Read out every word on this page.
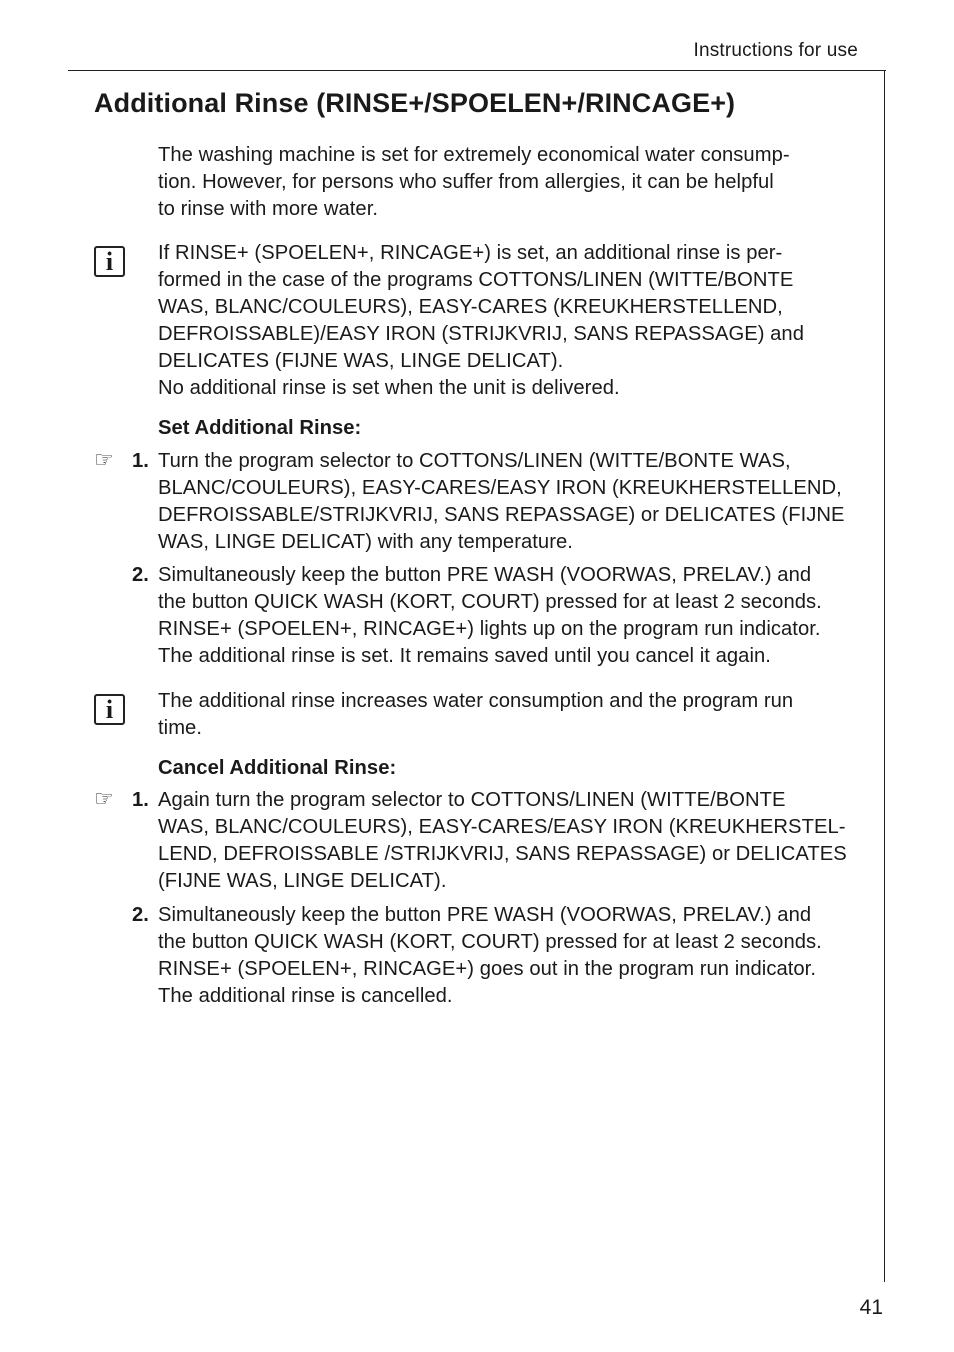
Instructions for use
Additional Rinse (RINSE+/SPOELEN+/RINCAGE+)
The washing machine is set for extremely economical water consump-
tion. However, for persons who suffer from allergies, it can be helpful
to rinse with more water.
i	If RINSE+ (SPOELEN+, RINCAGE+) is set, an additional rinse is per-
formed in the case of the programs COTTONS/LINEN (WITTE/BONTE
WAS, BLANC/COULEURS), EASY-CARES (KREUKHERSTELLEND,
DEFROISSABLE)/EASY IRON (STRIJKVRIJ, SANS REPASSAGE) and
DELICATES (FIJNE WAS, LINGE DELICAT).
No additional rinse is set when the unit is delivered.
Set Additional Rinse:
☞ 1. Turn the program selector to COTTONS/LINEN (WITTE/BONTE WAS,
BLANC/COULEURS), EASY-CARES/EASY IRON (KREUKHERSTELLEND,
DEFROISSABLE/STRIJKVRIJ, SANS REPASSAGE) or DELICATES (FIJNE
WAS, LINGE DELICAT) with any temperature.
2. Simultaneously keep the button PRE WASH (VOORWAS, PRELAV.) and
the button QUICK WASH (KORT, COURT) pressed for at least 2 seconds.
RINSE+ (SPOELEN+, RINCAGE+) lights up on the program run indicator.
The additional rinse is set. It remains saved until you cancel it again.
i	The additional rinse increases water consumption and the program run
time.
Cancel Additional Rinse:
☞ 1. Again turn the program selector to COTTONS/LINEN (WITTE/BONTE
WAS, BLANC/COULEURS), EASY-CARES/EASY IRON (KREUKHERSTEL-
LEND, DEFROISSABLE /STRIJKVRIJ, SANS REPASSAGE) or DELICATES
(FIJNE WAS, LINGE DELICAT).
2. Simultaneously keep the button PRE WASH (VOORWAS, PRELAV.) and
the button QUICK WASH (KORT, COURT) pressed for at least 2 seconds.
RINSE+ (SPOELEN+, RINCAGE+) goes out in the program run indicator.
The additional rinse is cancelled.
41
